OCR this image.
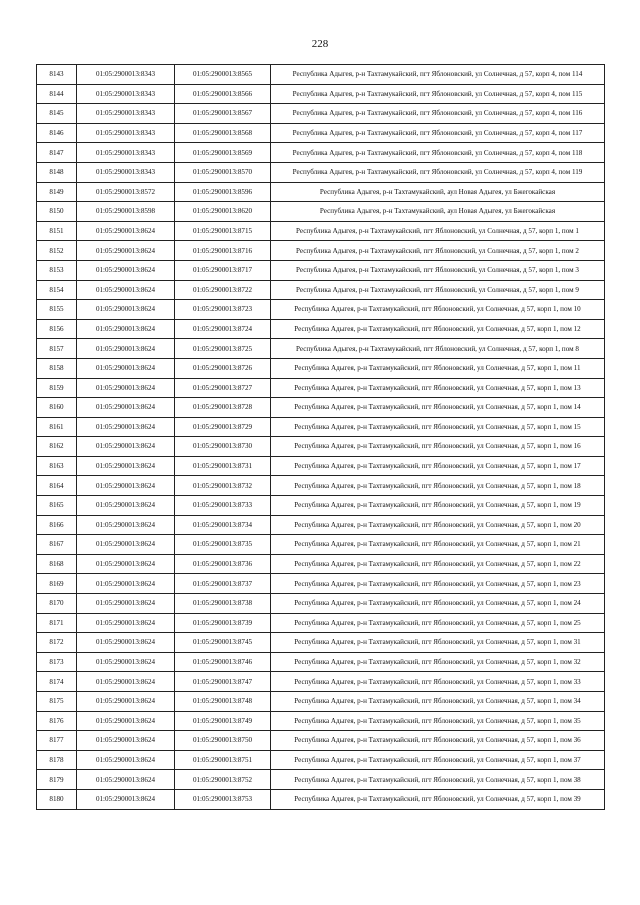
228
8143	01:05:2900013:8343	01:05:2900013:8565	Республика Адыгея, р-н Тахтамукайский, пгт Яблоновский, ул Солнечная, д 57, корп 4, пом 114
8144	01:05:2900013:8343	01:05:2900013:8566	Республика Адыгея, р-н Тахтамукайский, пгт Яблоновский, ул Солнечная, д 57, корп 4, пом 115
8145	01:05:2900013:8343	01:05:2900013:8567	Республика Адыгея, р-н Тахтамукайский, пгт Яблоновский, ул Солнечная, д 57, корп 4, пом 116
8146	01:05:2900013:8343	01:05:2900013:8568	Республика Адыгея, р-н Тахтамукайский, пгт Яблоновский, ул Солнечная, д 57, корп 4, пом 117
8147	01:05:2900013:8343	01:05:2900013:8569	Республика Адыгея, р-н Тахтамукайский, пгт Яблоновский, ул Солнечная, д 57, корп 4, пом 118
8148	01:05:2900013:8343	01:05:2900013:8570	Республика Адыгея, р-н Тахтамукайский, пгт Яблоновский, ул Солнечная, д 57, корп 4, пом 119
8149	01:05:2900013:8572	01:05:2900013:8596	Республика Адыгея, р-н Тахтамукайский, аул Новая Адыгея, ул Бжегокайская
8150	01:05:2900013:8598	01:05:2900013:8620	Республика Адыгея, р-н Тахтамукайский, аул Новая Адыгея, ул Бжегокайская
8151	01:05:2900013:8624	01:05:2900013:8715	Республика Адыгея, р-н Тахтамукайский, пгт Яблоновский, ул Солнечная, д 57, корп 1, пом 1
8152	01:05:2900013:8624	01:05:2900013:8716	Республика Адыгея, р-н Тахтамукайский, пгт Яблоновский, ул Солнечная, д 57, корп 1, пом 2
8153	01:05:2900013:8624	01:05:2900013:8717	Республика Адыгея, р-н Тахтамукайский, пгт Яблоновский, ул Солнечная, д 57, корп 1, пом 3
8154	01:05:2900013:8624	01:05:2900013:8722	Республика Адыгея, р-н Тахтамукайский, пгт Яблоновский, ул Солнечная, д 57, корп 1, пом 9
8155	01:05:2900013:8624	01:05:2900013:8723	Республика Адыгея, р-н Тахтамукайский, пгт Яблоновский, ул Солнечная, д 57, корп 1, пом 10
8156	01:05:2900013:8624	01:05:2900013:8724	Республика Адыгея, р-н Тахтамукайский, пгт Яблоновский, ул Солнечная, д 57, корп 1, пом 12
8157	01:05:2900013:8624	01:05:2900013:8725	Республика Адыгея, р-н Тахтамукайский, пгт Яблоновский, ул Солнечная, д 57, корп 1, пом 8
8158	01:05:2900013:8624	01:05:2900013:8726	Республика Адыгея, р-н Тахтамукайский, пгт Яблоновский, ул Солнечная, д 57, корп 1, пом 11
8159	01:05:2900013:8624	01:05:2900013:8727	Республика Адыгея, р-н Тахтамукайский, пгт Яблоновский, ул Солнечная, д 57, корп 1, пом 13
8160	01:05:2900013:8624	01:05:2900013:8728	Республика Адыгея, р-н Тахтамукайский, пгт Яблоновский, ул Солнечная, д 57, корп 1, пом 14
8161	01:05:2900013:8624	01:05:2900013:8729	Республика Адыгея, р-н Тахтамукайский, пгт Яблоновский, ул Солнечная, д 57, корп 1, пом 15
8162	01:05:2900013:8624	01:05:2900013:8730	Республика Адыгея, р-н Тахтамукайский, пгт Яблоновский, ул Солнечная, д 57, корп 1, пом 16
8163	01:05:2900013:8624	01:05:2900013:8731	Республика Адыгея, р-н Тахтамукайский, пгт Яблоновский, ул Солнечная, д 57, корп 1, пом 17
8164	01:05:2900013:8624	01:05:2900013:8732	Республика Адыгея, р-н Тахтамукайский, пгт Яблоновский, ул Солнечная, д 57, корп 1, пом 18
8165	01:05:2900013:8624	01:05:2900013:8733	Республика Адыгея, р-н Тахтамукайский, пгт Яблоновский, ул Солнечная, д 57, корп 1, пом 19
8166	01:05:2900013:8624	01:05:2900013:8734	Республика Адыгея, р-н Тахтамукайский, пгт Яблоновский, ул Солнечная, д 57, корп 1, пом 20
8167	01:05:2900013:8624	01:05:2900013:8735	Республика Адыгея, р-н Тахтамукайский, пгт Яблоновский, ул Солнечная, д 57, корп 1, пом 21
8168	01:05:2900013:8624	01:05:2900013:8736	Республика Адыгея, р-н Тахтамукайский, пгт Яблоновский, ул Солнечная, д 57, корп 1, пом 22
8169	01:05:2900013:8624	01:05:2900013:8737	Республика Адыгея, р-н Тахтамукайский, пгт Яблоновский, ул Солнечная, д 57, корп 1, пом 23
8170	01:05:2900013:8624	01:05:2900013:8738	Республика Адыгея, р-н Тахтамукайский, пгт Яблоновский, ул Солнечная, д 57, корп 1, пом 24
8171	01:05:2900013:8624	01:05:2900013:8739	Республика Адыгея, р-н Тахтамукайский, пгт Яблоновский, ул Солнечная, д 57, корп 1, пом 25
8172	01:05:2900013:8624	01:05:2900013:8745	Республика Адыгея, р-н Тахтамукайский, пгт Яблоновский, ул Солнечная, д 57, корп 1, пом 31
8173	01:05:2900013:8624	01:05:2900013:8746	Республика Адыгея, р-н Тахтамукайский, пгт Яблоновский, ул Солнечная, д 57, корп 1, пом 32
8174	01:05:2900013:8624	01:05:2900013:8747	Республика Адыгея, р-н Тахтамукайский, пгт Яблоновский, ул Солнечная, д 57, корп 1, пом 33
8175	01:05:2900013:8624	01:05:2900013:8748	Республика Адыгея, р-н Тахтамукайский, пгт Яблоновский, ул Солнечная, д 57, корп 1, пом 34
8176	01:05:2900013:8624	01:05:2900013:8749	Республика Адыгея, р-н Тахтамукайский, пгт Яблоновский, ул Солнечная, д 57, корп 1, пом 35
8177	01:05:2900013:8624	01:05:2900013:8750	Республика Адыгея, р-н Тахтамукайский, пгт Яблоновский, ул Солнечная, д 57, корп 1, пом 36
8178	01:05:2900013:8624	01:05:2900013:8751	Республика Адыгея, р-н Тахтамукайский, пгт Яблоновский, ул Солнечная, д 57, корп 1, пом 37
8179	01:05:2900013:8624	01:05:2900013:8752	Республика Адыгея, р-н Тахтамукайский, пгт Яблоновский, ул Солнечная, д 57, корп 1, пом 38
8180	01:05:2900013:8624	01:05:2900013:8753	Республика Адыгея, р-н Тахтамукайский, пгт Яблоновский, ул Солнечная, д 57, корп 1, пом 39
